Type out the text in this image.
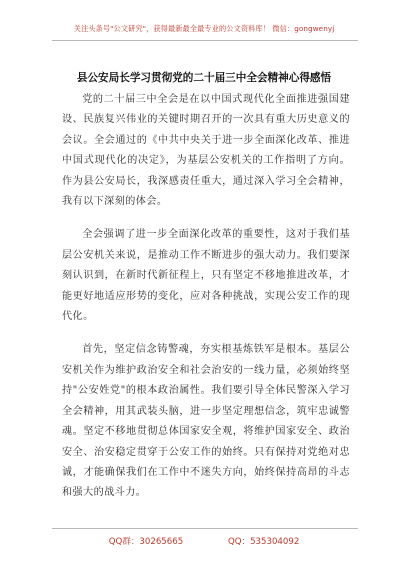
关注头条号"公文研究"，获得最新最全最专业的公文资料库！ 微信：gongwenyj
县公安局长学习贯彻党的二十届三中全会精神心得感悟

党的二十届三中全会是在以中国式现代化全面推进强国建设、民族复兴伟业的关键时期召开的一次具有重大历史意义的会议。全会通过的《中共中央关于进一步全面深化改革、推进中国式现代化的决定》，为基层公安机关的工作指明了方向。作为县公安局长，我深感责任重大，通过深入学习全会精神，我有以下深刻的体会。

全会强调了进一步全面深化改革的重要性，这对于我们基层公安机关来说，是推动工作不断进步的强大动力。我们要深刻认识到，在新时代新征程上，只有坚定不移地推进改革，才能更好地适应形势的变化，应对各种挑战，实现公安工作的现代化。

首先，坚定信念铸警魂，夯实根基炼铁军是根本。基层公安机关作为维护政治安全和社会治安的一线力量，必须始终坚持"公安姓党"的根本政治属性。我们要引导全体民警深入学习全会精神，用其武装头脑，进一步坚定理想信念，筑牢忠诚警魂。坚定不移地贯彻总体国家安全观，将维护国家安全、政治安全、治安稳定贯穿于公安工作的始终。只有保持对党绝对忠诚，才能确保我们在工作中不迷失方向，始终保持高昂的斗志和强大的战斗力。

QQ群：30265665	QQ：535304092
